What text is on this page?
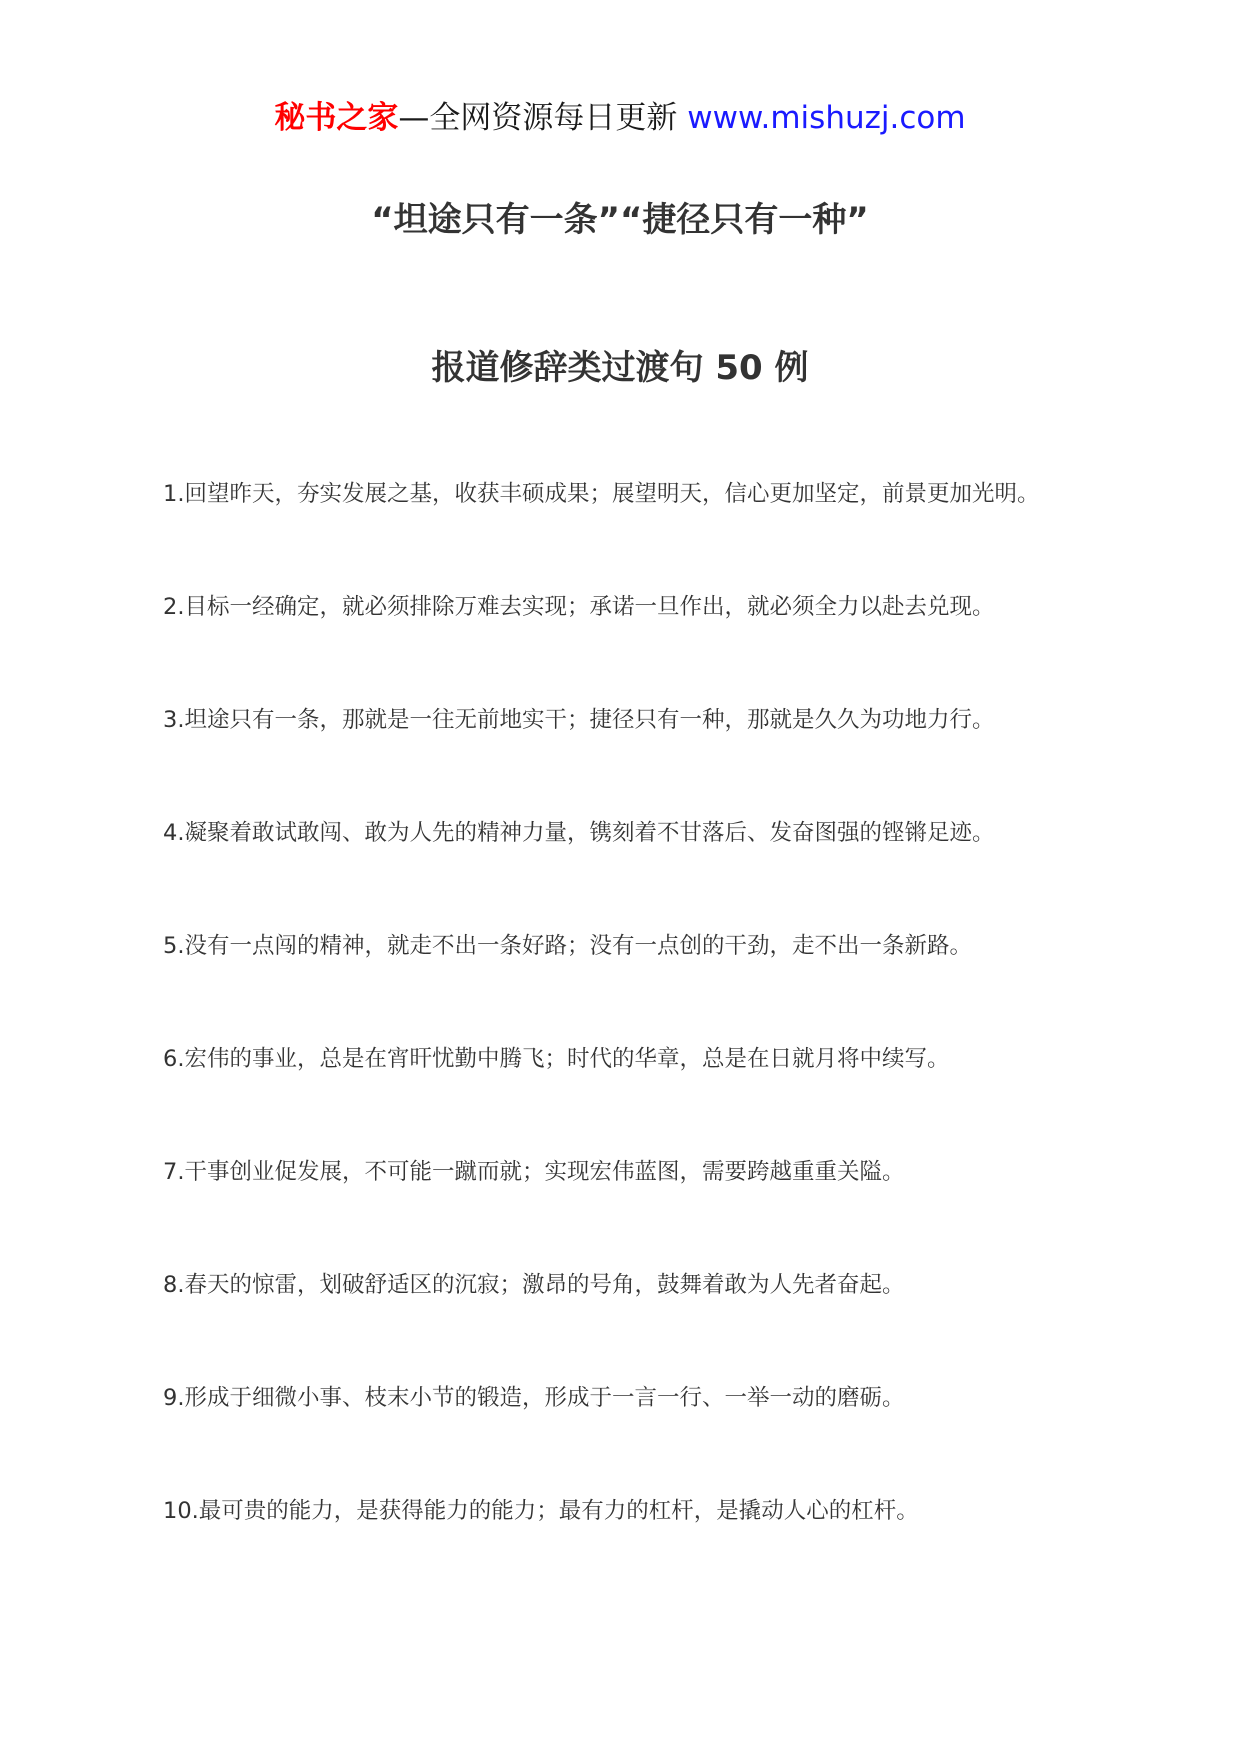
秘书之家—全网资源每日更新 www.mishuzj.com
“坦途只有一条”“捷径只有一种”
报道修辞类过渡句 50 例
1.回望昨天，夯实发展之基，收获丰硕成果；展望明天，信心更加坚定，前景更加光明。
2.目标一经确定，就必须排除万难去实现；承诺一旦作出，就必须全力以赴去兑现。
3.坦途只有一条，那就是一往无前地实干；捷径只有一种，那就是久久为功地力行。
4.凝聚着敢试敢闯、敢为人先的精神力量，镌刻着不甘落后、发奋图强的铿锵足迹。
5.没有一点闯的精神，就走不出一条好路；没有一点创的干劲，走不出一条新路。
6.宏伟的事业，总是在宵旰忧勤中腾飞；时代的华章，总是在日就月将中续写。
7.干事创业促发展，不可能一蹴而就；实现宏伟蓝图，需要跨越重重关隘。
8.春天的惊雷，划破舒适区的沉寂；激昂的号角，鼓舞着敢为人先者奋起。
9.形成于细微小事、枝末小节的锻造，形成于一言一行、一举一动的磨砺。
10.最可贵的能力，是获得能力的能力；最有力的杠杆，是撬动人心的杠杆。
